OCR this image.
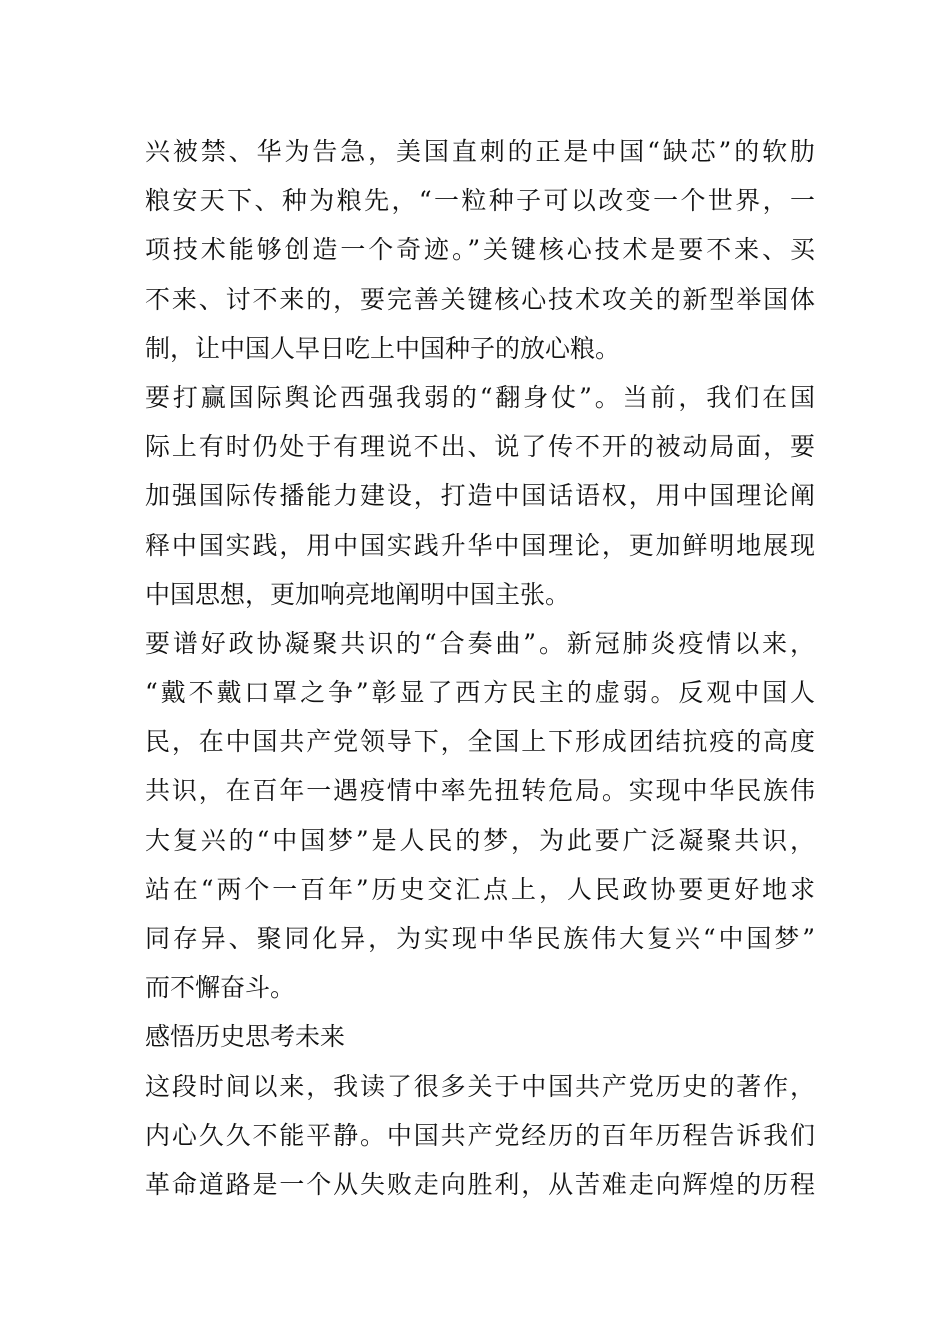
兴被禁、华为告急，美国直刺的正是中国“缺芯”的软肋
粮安天下、种为粮先，“一粒种子可以改变一个世界，一
项技术能够创造一个奇迹。”关键核心技术是要不来、买
不来、讨不来的，要完善关键核心技术攻关的新型举国体
制，让中国人早日吃上中国种子的放心粮。
要打赢国际舆论西强我弱的“翻身仗”。当前，我们在国
际上有时仍处于有理说不出、说了传不开的被动局面，要
加强国际传播能力建设，打造中国话语权，用中国理论阐
释中国实践，用中国实践升华中国理论，更加鲜明地展现
中国思想，更加响亮地阐明中国主张。
要谱好政协凝聚共识的“合奏曲”。新冠肺炎疫情以来，
“戴不戴口罩之争”彰显了西方民主的虚弱。反观中国人
民，在中国共产党领导下，全国上下形成团结抗疫的高度
共识，在百年一遇疫情中率先扭转危局。实现中华民族伟
大复兴的“中国梦”是人民的梦，为此要广泛凝聚共识，
站在“两个一百年”历史交汇点上，人民政协要更好地求
同存异、聚同化异，为实现中华民族伟大复兴“中国梦”
而不懈奋斗。
感悟历史思考未来
这段时间以来，我读了很多关于中国共产党历史的著作，
内心久久不能平静。中国共产党经历的百年历程告诉我们
革命道路是一个从失败走向胜利，从苦难走向辉煌的历程
